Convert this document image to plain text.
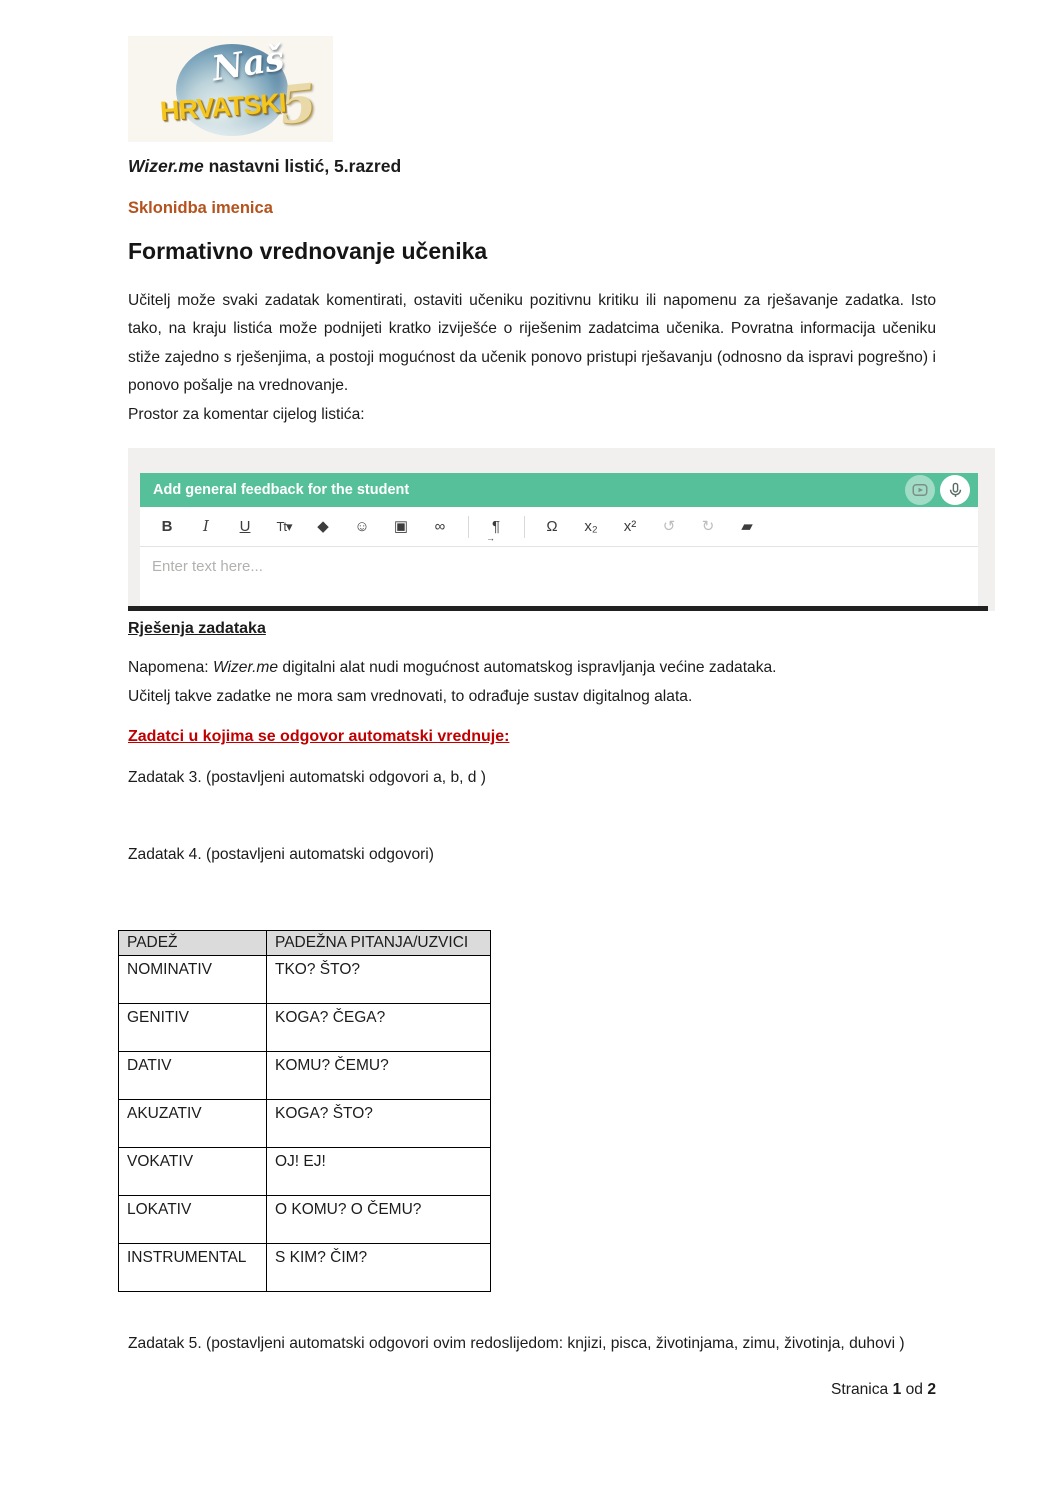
Naš
HRVATSKI
5
Wizer.me nastavni listić, 5.razred
Sklonidba imenica
Formativno vrednovanje učenika

Učitelj može svaki zadatak komentirati, ostaviti učeniku pozitivnu kritiku ili napomenu za rješavanje zadatka. Isto tako, na kraju listića može podnijeti kratko izviješće o riješenim zadatcima učenika. Povratna informacija učeniku stiže zajedno s rješenjima, a postoji mogućnost da učenik ponovo pristupi rješavanju (odnosno da ispravi pogrešno) i ponovo pošalje na vrednovanje.

Prostor za komentar cijelog listića:
Add general feedback for the student
B	I	U	Tt▾	◆	☺ ▣	∞	¶ →	Ω	x₂	x²	↺	↻	▰
Enter text here...
Rješenja zadataka
Napomena: Wizer.me digitalni alat nudi mogućnost automatskog ispravljanja većine zadataka.
Učitelj takve zadatke ne mora sam vrednovati, to odrađuje sustav digitalnog alata.
Zadatci u kojima se odgovor automatski vrednuje:
Zadatak 3. (postavljeni automatski odgovori a, b, d )
Zadatak 4. (postavljeni automatski odgovori)
PADEŽ	PADEŽNA PITANJA/UZVICI
NOMINATIV	TKO? ŠTO?
GENITIV	KOGA? ČEGA?
DATIV	KOMU? ČEMU?
AKUZATIV	KOGA? ŠTO?
VOKATIV	OJ! EJ!
LOKATIV	O KOMU? O ČEMU?
INSTRUMENTAL	S KIM? ČIM?
Zadatak 5. (postavljeni automatski odgovori ovim redoslijedom: knjizi, pisca, životinjama, zimu, životinja, duhovi )
Stranica 1 od 2
